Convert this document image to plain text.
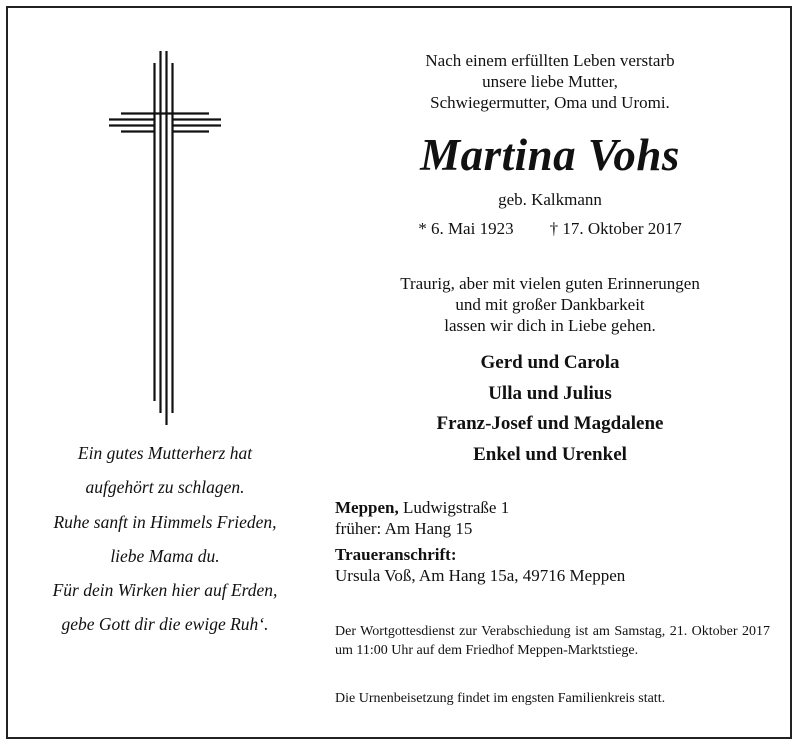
Ein gutes Mutterherz hat
aufgehört zu schlagen.
Ruhe sanft in Himmels Frieden,
liebe Mama du.
Für dein Wirken hier auf Erden,
gebe Gott dir die ewige Ruh‘.
Nach einem erfüllten Leben verstarb
unsere liebe Mutter,
Schwiegermutter, Oma und Uromi.
Martina Vohs
geb. Kalkmann
* 6. Mai 1923 † 17. Oktober 2017
Traurig, aber mit vielen guten Erinnerungen
und mit großer Dankbarkeit
lassen wir dich in Liebe gehen.
Gerd und Carola
Ulla und Julius
Franz-Josef und Magdalene
Enkel und Urenkel
Meppen, Ludwigstraße 1
früher: Am Hang 15
Traueranschrift:
Ursula Voß, Am Hang 15a, 49716 Meppen
Der Wortgottesdienst zur Verabschiedung ist am Samstag, 21. Oktober 2017 um 11:00 Uhr auf dem Friedhof Meppen-Marktstiege.
Die Urnenbeisetzung findet im engsten Familienkreis statt.
